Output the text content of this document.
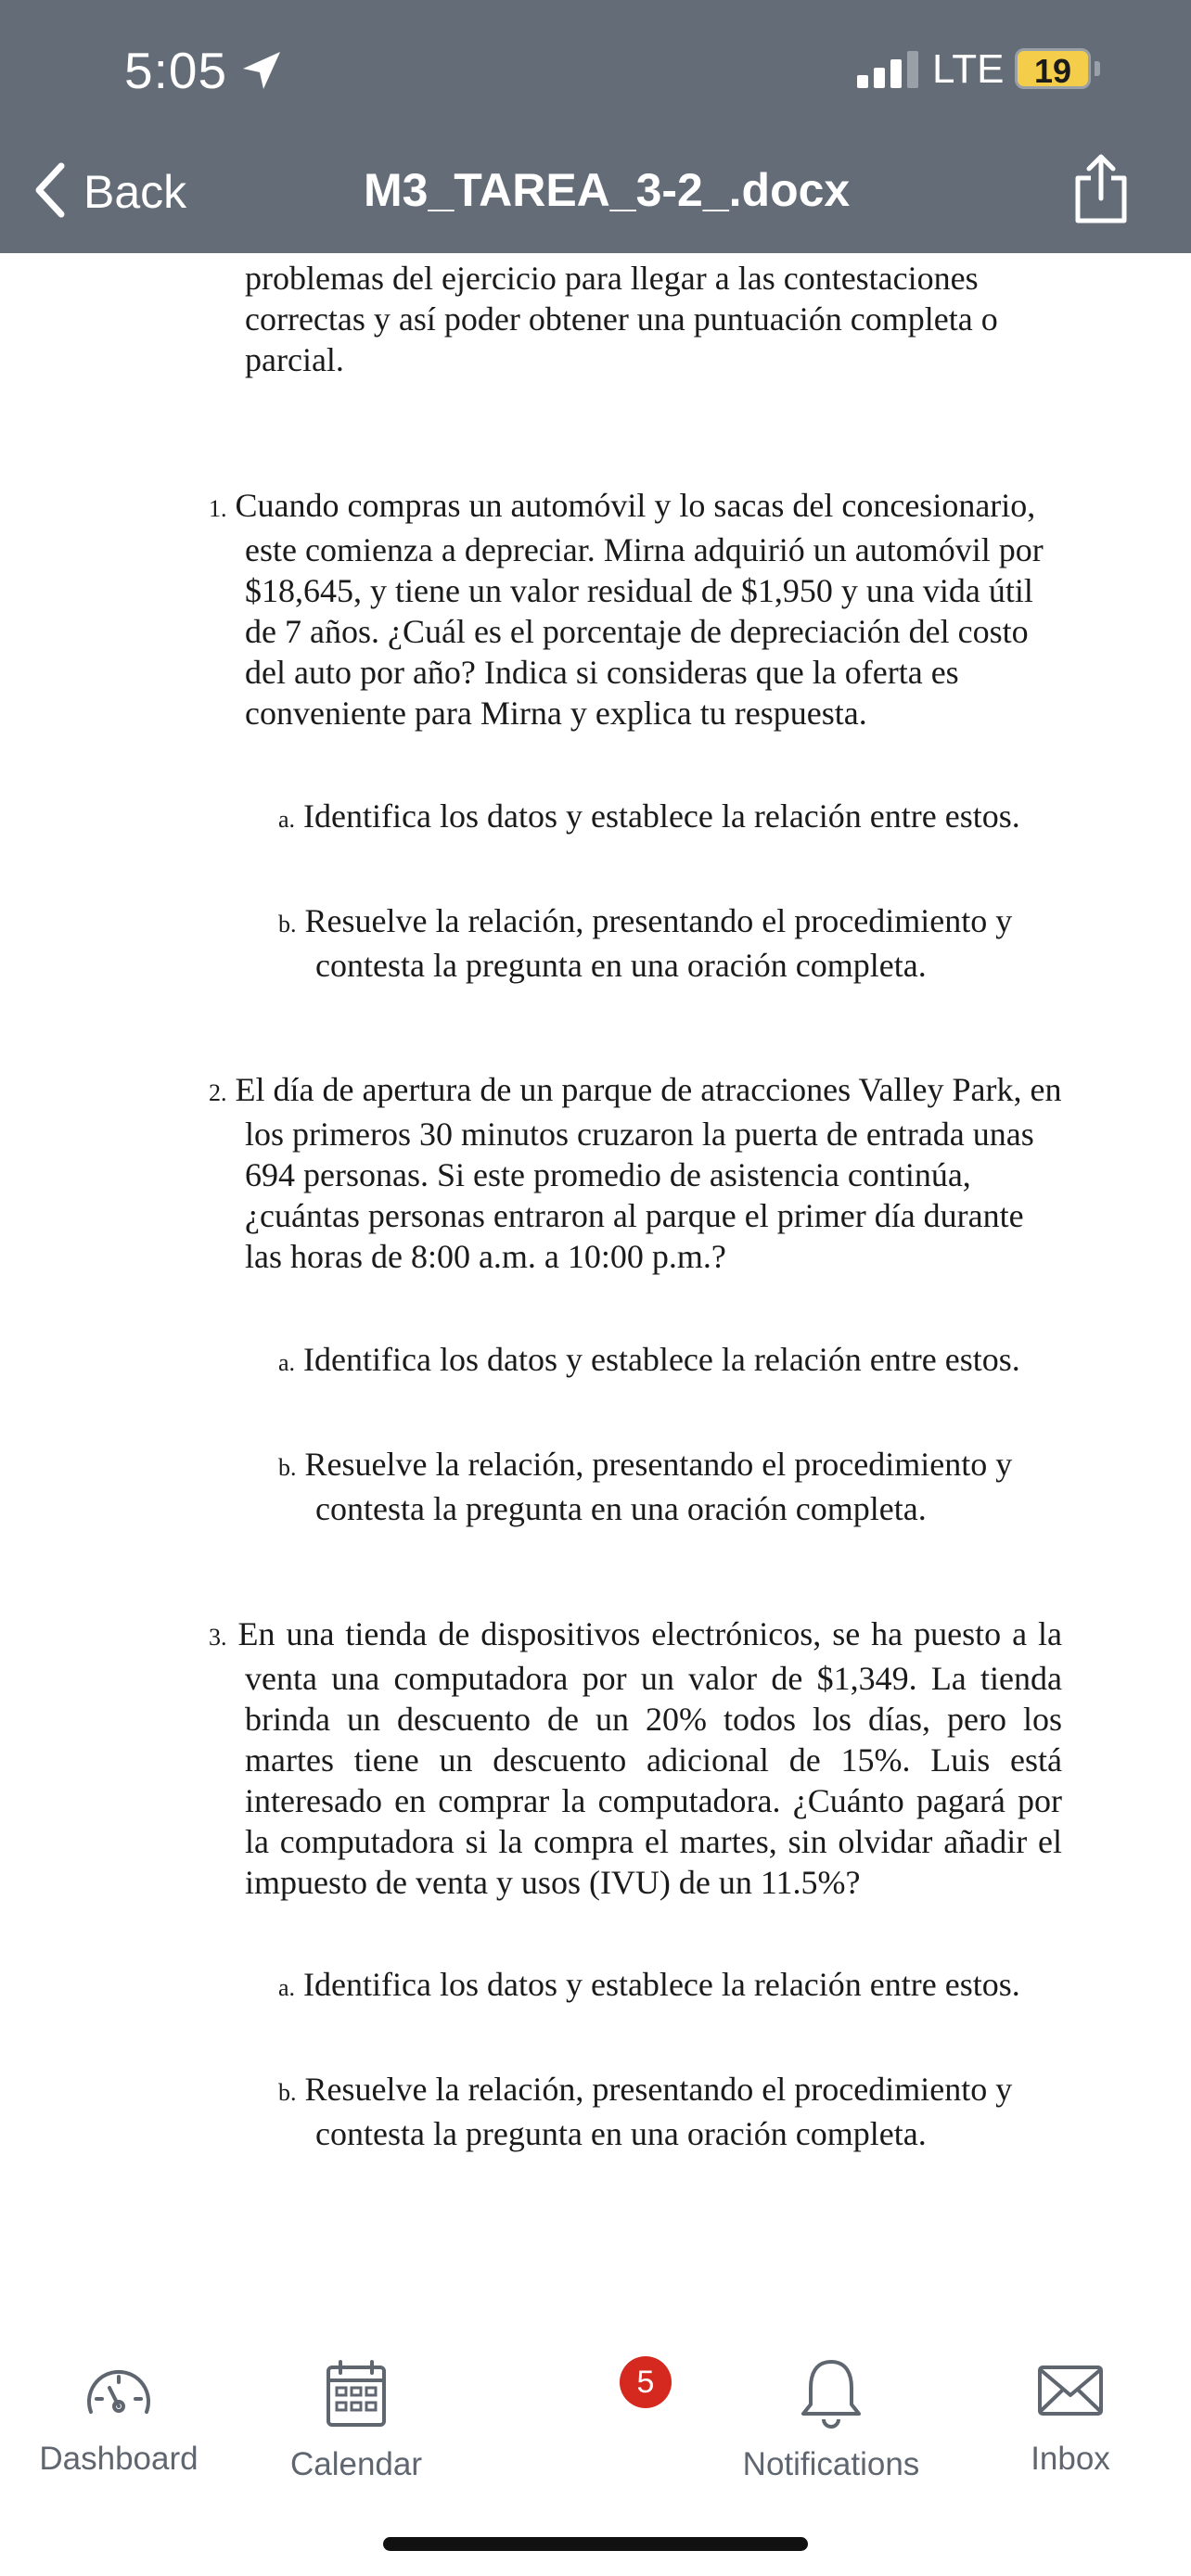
5:05	LTE 19
Back	M3_TAREA_3-2_.docx
problemas del ejercicio para llegar a las contestaciones correctas y así poder obtener una puntuación completa o parcial.
1. Cuando compras un automóvil y lo sacas del concesionario, este comienza a depreciar. Mirna adquirió un automóvil por $18,645, y tiene un valor residual de $1,950 y una vida útil de 7 años. ¿Cuál es el porcentaje de depreciación del costo del auto por año? Indica si consideras que la oferta es conveniente para Mirna y explica tu respuesta.
a. Identifica los datos y establece la relación entre estos.
b. Resuelve la relación, presentando el procedimiento y contesta la pregunta en una oración completa.
2. El día de apertura de un parque de atracciones Valley Park, en los primeros 30 minutos cruzaron la puerta de entrada unas 694 personas. Si este promedio de asistencia continúa, ¿cuántas personas entraron al parque el primer día durante las horas de 8:00 a.m. a 10:00 p.m.?
a. Identifica los datos y establece la relación entre estos.
b. Resuelve la relación, presentando el procedimiento y contesta la pregunta en una oración completa.
3. En una tienda de dispositivos electrónicos, se ha puesto a la venta una computadora por un valor de $1,349. La tienda brinda un descuento de un 20% todos los días, pero los martes tiene un descuento adicional de 15%. Luis está interesado en comprar la computadora. ¿Cuánto pagará por la computadora si la compra el martes, sin olvidar añadir el impuesto de venta y usos (IVU) de un 11.5%?
a. Identifica los datos y establece la relación entre estos.
b. Resuelve la relación, presentando el procedimiento y contesta la pregunta en una oración completa.
Dashboard	Calendar	Notifications	Inbox
5
